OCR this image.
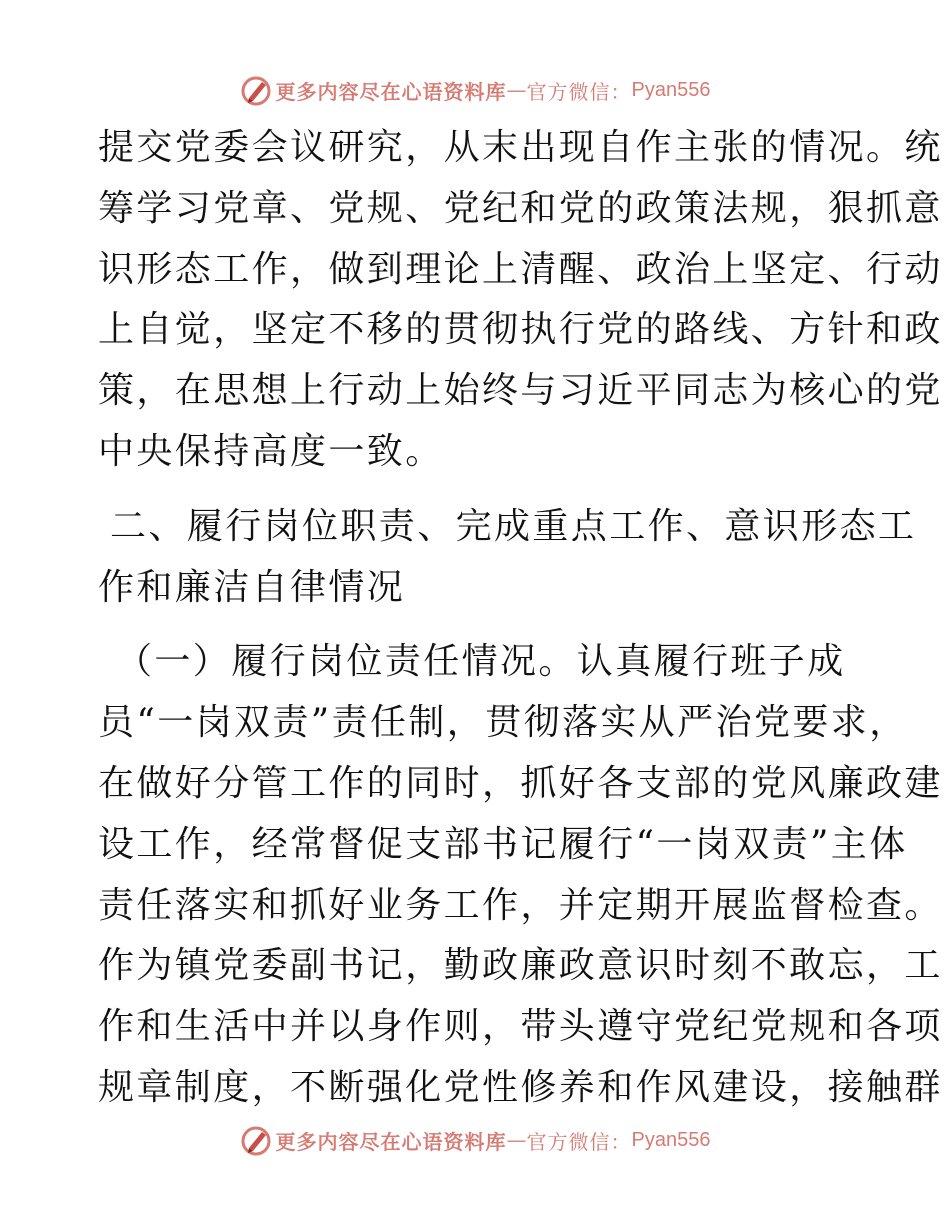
更多内容尽在心语资料库 — 官方微信： Pyan556
提交党委会议研究，从末出现自作主张的情况。统
筹学习党章、党规、党纪和党的政策法规，狠抓意
识形态工作，做到理论上清醒、政治上坚定、行动
上自觉，坚定不移的贯彻执行党的路线、方针和政
策，在思想上行动上始终与习近平同志为核心的党
中央保持高度一致。
二、履行岗位职责、完成重点工作、意识形态工
作和廉洁自律情况
（一）履行岗位责任情况。认真履行班子成
员“一岗双责”责任制，贯彻落实从严治党要求，
在做好分管工作的同时，抓好各支部的党风廉政建
设工作，经常督促支部书记履行“一岗双责”主体
责任落实和抓好业务工作，并定期开展监督检查。
作为镇党委副书记，勤政廉政意识时刻不敢忘，工
作和生活中并以身作则，带头遵守党纪党规和各项
规章制度，不断强化党性修养和作风建设，接触群
更多内容尽在心语资料库 — 官方微信： Pyan556
